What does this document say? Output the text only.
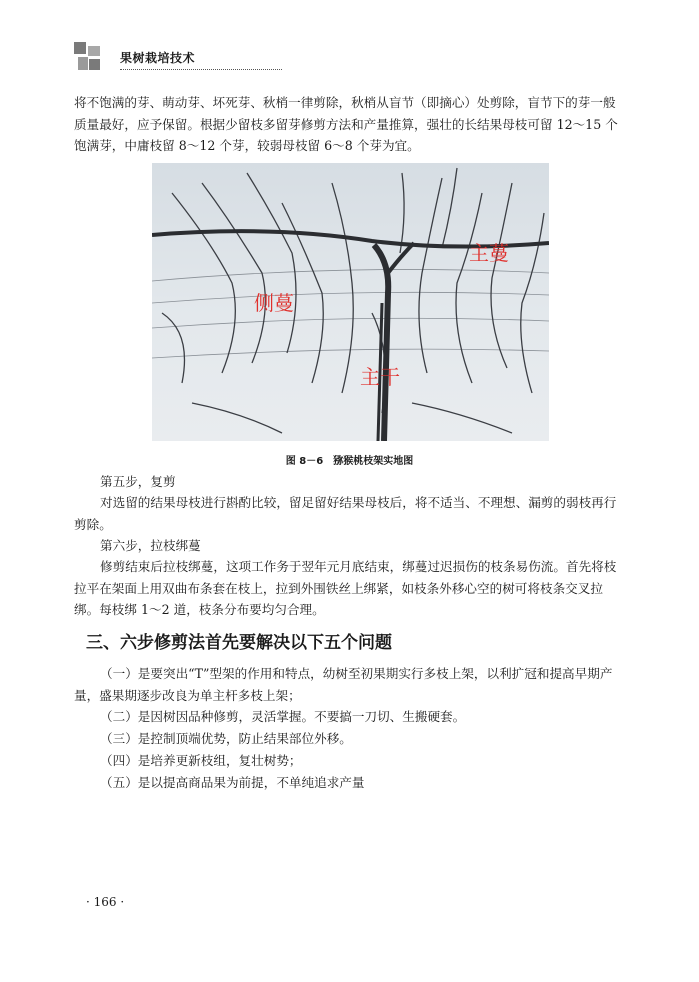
果树栽培技术

将不饱满的芽、萌动芽、坏死芽、秋梢一律剪除，秋梢从盲节（即摘心）处剪除，盲节下的芽一般质量最好，应予保留。根据少留枝多留芽修剪方法和产量推算，强壮的长结果母枝可留 12～15 个饱满芽，中庸枝留 8～12 个芽，较弱母枝留 6～8 个芽为宜。

主蔓
侧蔓
主干
图 8－6　猕猴桃枝架实地图

第五步，复剪

对选留的结果母枝进行斟酌比较，留足留好结果母枝后，将不适当、不理想、漏剪的弱枝再行剪除。

第六步，拉枝绑蔓

修剪结束后拉枝绑蔓，这项工作务于翌年元月底结束，绑蔓过迟损伤的枝条易伤流。首先将枝拉平在架面上用双曲布条套在枝上，拉到外围铁丝上绑紧，如枝条外移心空的树可将枝条交叉拉绑。每枝绑 1～2 道，枝条分布要均匀合理。

三、六步修剪法首先要解决以下五个问题

（一）是要突出“T”型架的作用和特点，幼树至初果期实行多枝上架，以利扩冠和提高早期产量，盛果期逐步改良为单主杆多枝上架；

（二）是因树因品种修剪，灵活掌握。不要搞一刀切、生搬硬套。

（三）是控制顶端优势，防止结果部位外移。

（四）是培养更新枝组，复壮树势；

（五）是以提高商品果为前提，不单纯追求产量

· 166 ·
